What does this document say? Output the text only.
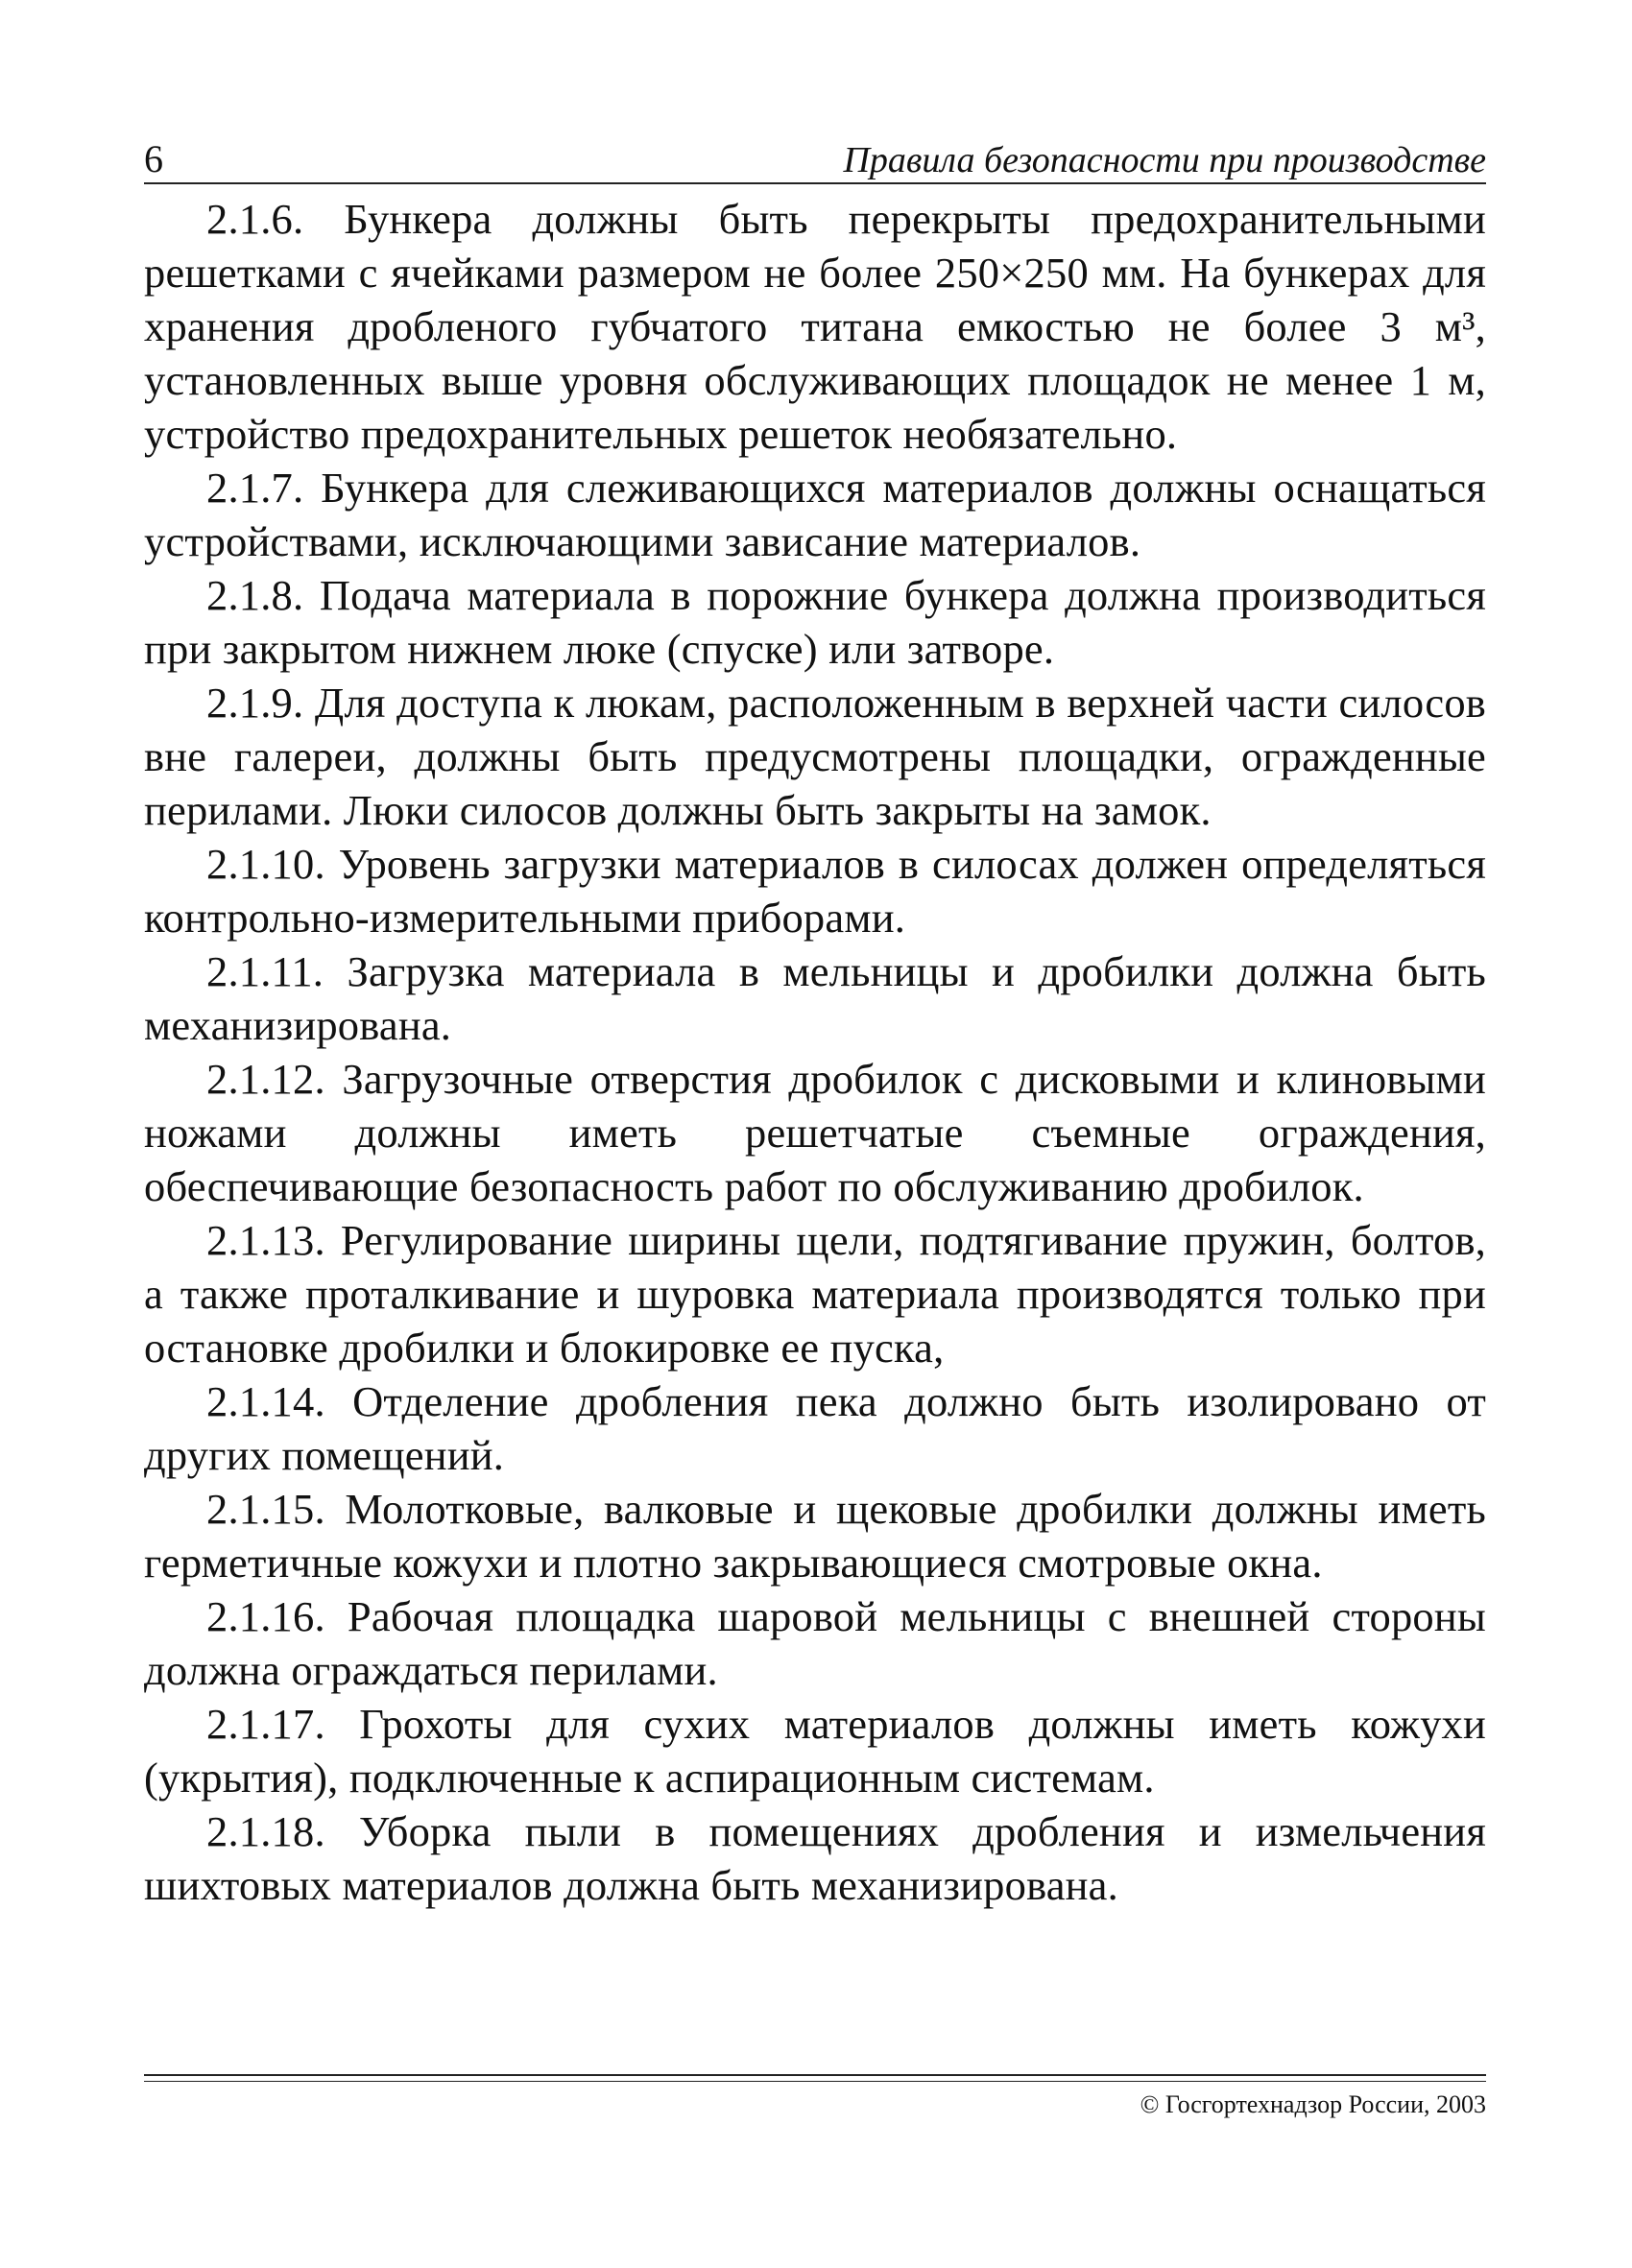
6	Правила безопасности при производстве

2.1.6. Бункера должны быть перекрыты предохранительными решетками с ячейками размером не более 250×250 мм. На бункерах для хранения дробленого губчатого титана емкостью не более 3 м³, установленных выше уровня обслуживающих площадок не менее 1 м, устройство предохранительных решеток необязательно.

2.1.7. Бункера для слеживающихся материалов должны оснащаться устройствами, исключающими зависание материалов.

2.1.8. Подача материала в порожние бункера должна производиться при закрытом нижнем люке (спуске) или затворе.

2.1.9. Для доступа к люкам, расположенным в верхней части силосов вне галереи, должны быть предусмотрены площадки, огражденные перилами. Люки силосов должны быть закрыты на замок.

2.1.10. Уровень загрузки материалов в силосах должен определяться контрольно-измерительными приборами.

2.1.11. Загрузка материала в мельницы и дробилки должна быть механизирована.

2.1.12. Загрузочные отверстия дробилок с дисковыми и клиновыми ножами должны иметь решетчатые съемные ограждения, обеспечивающие безопасность работ по обслуживанию дробилок.

2.1.13. Регулирование ширины щели, подтягивание пружин, болтов, а также проталкивание и шуровка материала производятся только при остановке дробилки и блокировке ее пуска,

2.1.14. Отделение дробления пека должно быть изолировано от других помещений.

2.1.15. Молотковые, валковые и щековые дробилки должны иметь герметичные кожухи и плотно закрывающиеся смотровые окна.

2.1.16. Рабочая площадка шаровой мельницы с внешней стороны должна ограждаться перилами.

2.1.17. Грохоты для сухих материалов должны иметь кожухи (укрытия), подключенные к аспирационным системам.

2.1.18. Уборка пыли в помещениях дробления и измельчения шихтовых материалов должна быть механизирована.

© Госгортехнадзор России, 2003
